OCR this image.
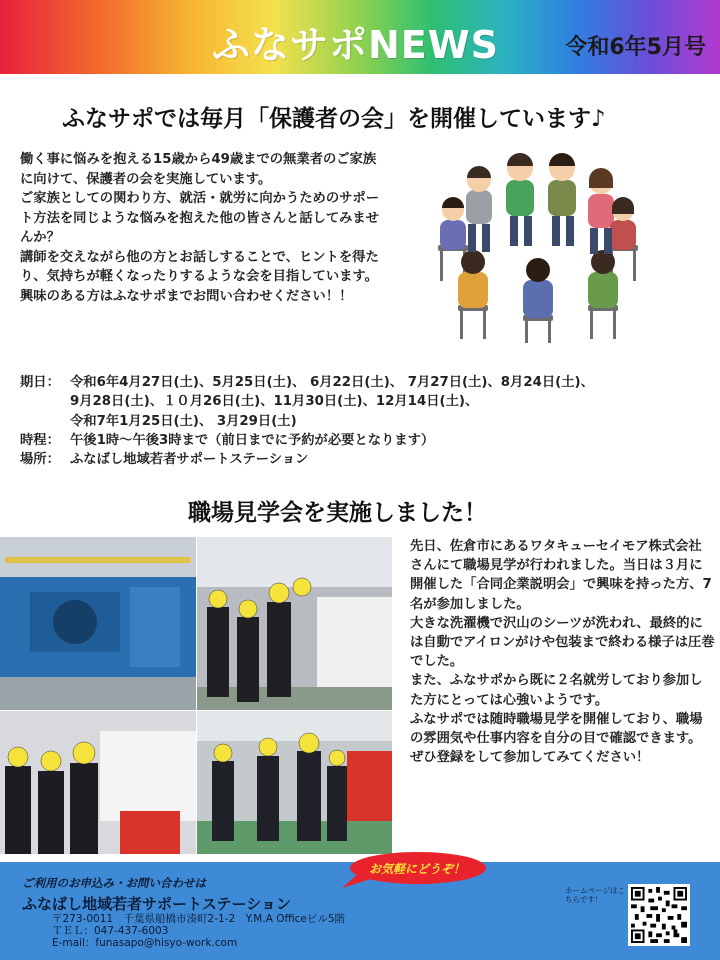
ふなサポNEWS	令和6年5月号
ふなサポでは毎月「保護者の会」を開催しています♪

働く事に悩みを抱える15歳から49歳までの無業者のご家族に向けて、保護者の会を実施しています。

ご家族としての関わり方、就活・就労に向かうためのサポート方法を同じような悩みを抱えた他の皆さんと話してみませんか？

講師を交えながら他の方とお話しすることで、ヒントを得たり、気持ちが軽くなったりするような会を目指しています。

興味のある方はふなサポまでお問い合わせください！！

期日： 令和6年4月27日(土)、5月25日(土)、 6月22日(土)、 7月27日(土)、8月24日(土)、
9月28日(土)、１０月26日(土)、11月30日(土)、12月14日(土)、
令和7年1月25日(土)、 3月29日(土)
時程： 午後1時～午後3時まで（前日までに予約が必要となります）
場所： ふなばし地域若者サポートステーション
職場見学会を実施しました！

先日、佐倉市にあるワタキューセイモア株式会社さんにて職場見学が行われました。当日は３月に開催した「合同企業説明会」で興味を持った方、7名が参加しました。

大きな洗濯機で沢山のシーツが洗われ、最終的には自動でアイロンがけや包装まで終わる様子は圧巻でした。

また、ふなサポから既に２名就労しており参加した方にとっては心強いようです。

ふなサポでは随時職場見学を開催しており、職場の雰囲気や仕事内容を自分の目で確認できます。

ぜひ登録をして参加してみてください！

ご利用のお申込み・お問い合わせは
ふなばし地域若者サポートステーション
〒273-0011　千葉県船橋市湊町2-1-2　Y.M.A Officeビル5階
ＴＥＬ：047-437-6003
E-mail：funasapo@hisyo-work.com
お気軽にどうぞ！
ホームページはこちらです！
